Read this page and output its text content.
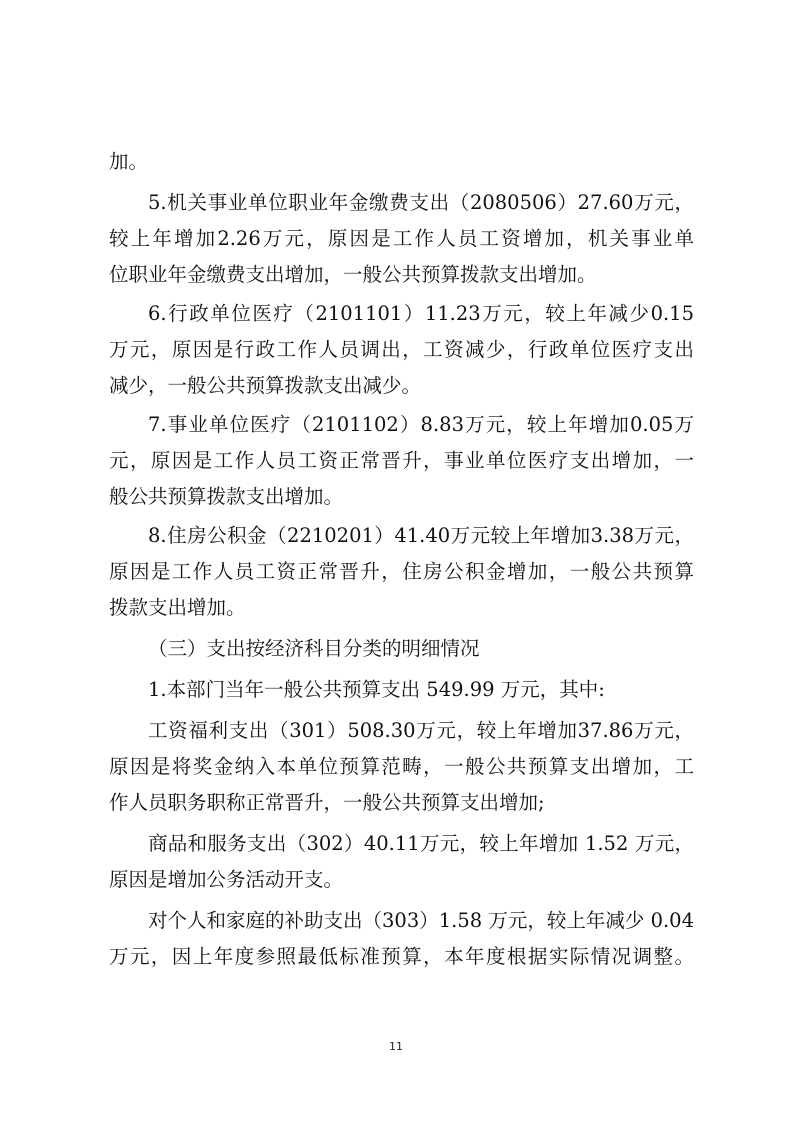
加。
5.机关事业单位职业年金缴费支出（2080506）27.60万元，
较上年增加2.26万元，原因是工作人员工资增加，机关事业单
位职业年金缴费支出增加，一般公共预算拨款支出增加。
6.行政单位医疗（2101101）11.23万元，较上年减少0.15
万元，原因是行政工作人员调出，工资减少，行政单位医疗支出
减少，一般公共预算拨款支出减少。
7.事业单位医疗（2101102）8.83万元，较上年增加0.05万
元，原因是工作人员工资正常晋升，事业单位医疗支出增加，一
般公共预算拨款支出增加。
8.住房公积金（2210201）41.40万元较上年增加3.38万元，
原因是工作人员工资正常晋升，住房公积金增加，一般公共预算
拨款支出增加。
（三）支出按经济科目分类的明细情况
1.本部门当年一般公共预算支出 549.99 万元，其中:
工资福利支出（301）508.30万元，较上年增加37.86万元，
原因是将奖金纳入本单位预算范畴，一般公共预算支出增加，工
作人员职务职称正常晋升，一般公共预算支出增加;
商品和服务支出（302）40.11万元，较上年增加 1.52 万元，
原因是增加公务活动开支。
对个人和家庭的补助支出（303）1.58 万元，较上年减少 0.04
万元，因上年度参照最低标准预算，本年度根据实际情况调整。
11
